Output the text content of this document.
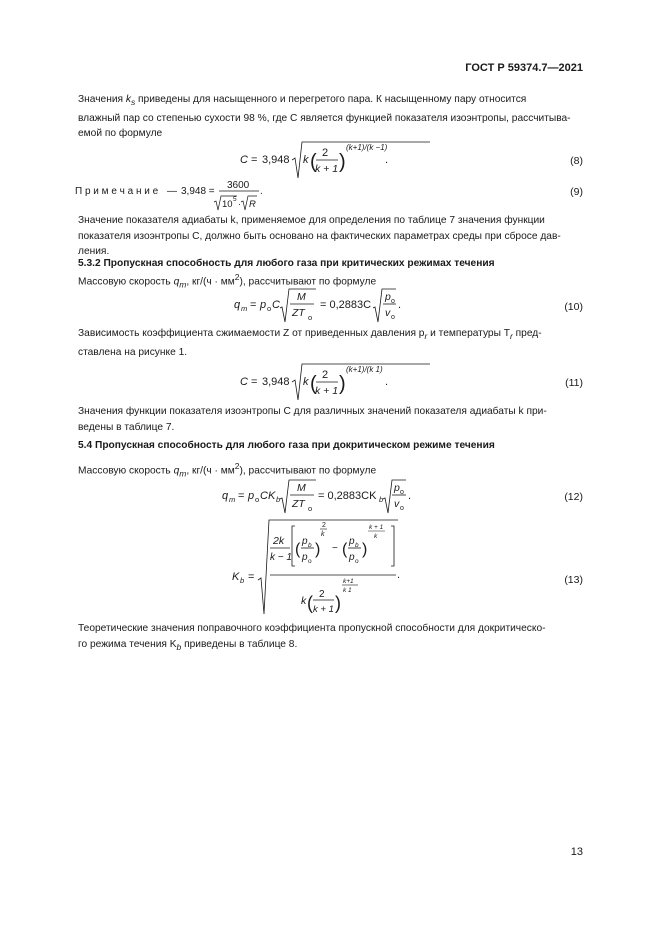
ГОСТ Р 59374.7—2021
Значения $k_s$ приведены для насыщенного и перегретого пара. К насыщенному пару относится
влажный пар со степенью сухости 98 %, где C является функцией показателя изоэнтропы, рассчитыва-
емой по формуле
C = 3,948 k ( 2
k + 1 )
(k+1)/(k −1)
.	(8)
П р и м е ч а н и е — 3,948 =
3600
10 5 · R
.	(9)
Значение показателя адиабаты k, применяемое для определения по таблице 7 значения функции
показателя изоэнтропы C, должно быть основано на фактических параметрах среды при сбросе дав-
ления.
5.3.2 Пропускная способность для любого газа при критических режимах течения
Массовую скорость $q_m$, $кг/(ч \cdot мм^2)$, рассчитывают по формуле
q m = p o C
M
ZT o
= 0,2883C
p o
v o
.	(10)
Зависимость коэффициента сжимаемости Z от приведенных давления $p_r$ и температуры $T_r$ пред-
ставлена на рисунке 1.
C = 3,948 k ( 2
k + 1 )
(k+1)/(k 1)
.	(11)
Значения функции показателя изоэнтропы C для различных значений показателя адиабаты k при-
ведены в таблице 7.
5.4 Пропускная способность для любого газа при докритическом режиме течения
Массовую скорость $q_m$, $кг/(ч \cdot мм^2)$, рассчитывают по формуле
q m = p o CK b
M
ZT o
= 0,2883CK b
p o
v o
.	(12)
K b =
2k
k − 1 ( p b
p o
)
2
k
− ( p b
p o
)
k + 1
k
k ( 2
k + 1 )
k+1
k 1
.	(13)
Теоретические значения поправочного коэффициента пропускной способности для докритическо-
го режима течения $K_b$ приведены в таблице 8.
13
